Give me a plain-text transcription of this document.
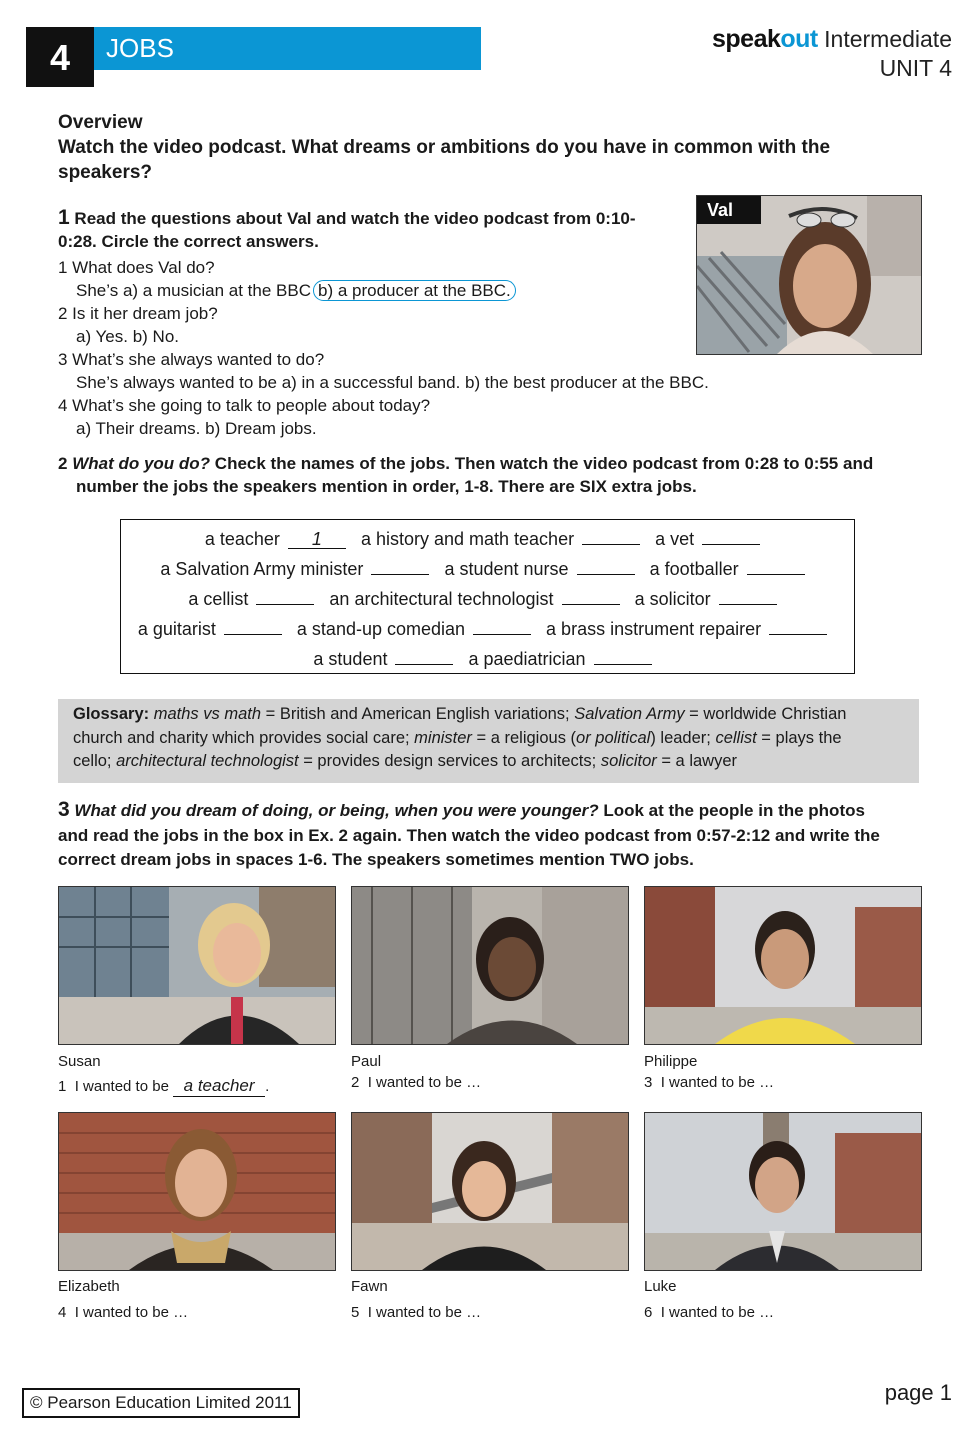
4	JOBS	speakout Intermediate
UNIT 4
Overview
Watch the video podcast. What dreams or ambitions do you have in common with the speakers?
1 Read the questions about Val and watch the video podcast from 0:10-
0:28. Circle the correct answers.
1 What does Val do?
She’s a) a musician at the BBC b) a producer at the BBC.
2 Is it her dream job?
a) Yes. b) No.
3 What’s she always wanted to do?
She’s always wanted to be a) in a successful band. b) the best producer at the BBC.
4 What’s she going to talk to people about today?
a) Their dreams. b) Dream jobs.
Val
2 What do you do? Check the names of the jobs. Then watch the video podcast from 0:28 to 0:55 and
number the jobs the speakers mention in order, 1-8. There are SIX extra jobs.
a teacher 1 a history and math teacher	a vet
a Salvation Army minister	a student nurse	a footballer
a cellist	an architectural technologist	a solicitor
a guitarist	a stand-up comedian	a brass instrument repairer
a student	a paediatrician
Glossary: maths vs math = British and American English variations; Salvation Army = worldwide Christian
church and charity which provides social care; minister = a religious (or political) leader; cellist = plays the
cello; architectural technologist = provides design services to architects; solicitor = a lawyer
3 What did you dream of doing, or being, when you were younger? Look at the people in the photos
and read the jobs in the box in Ex. 2 again. Then watch the video podcast from 0:57-2:12 and write the
correct dream jobs in spaces 1-6. The speakers sometimes mention TWO jobs.
Susan
1 I wanted to be a teacher .
Paul
2 I wanted to be …
Philippe
3 I wanted to be …
Elizabeth
4 I wanted to be …
Fawn
5 I wanted to be …
Luke
6 I wanted to be …
© Pearson Education Limited 2011	page 1
